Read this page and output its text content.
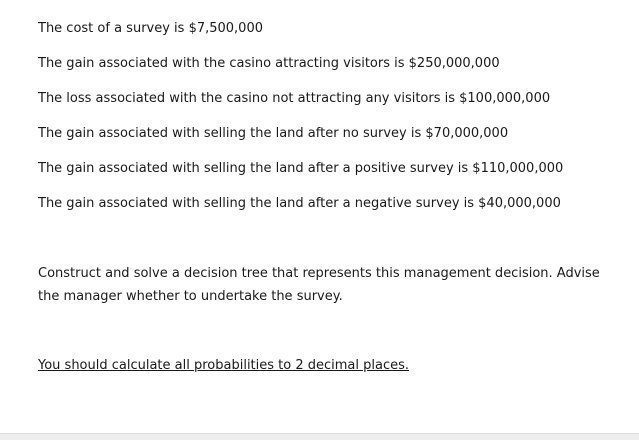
The cost of a survey is $7,500,000

The gain associated with the casino attracting visitors is $250,000,000

The loss associated with the casino not attracting any visitors is $100,000,000

The gain associated with selling the land after no survey is $70,000,000

The gain associated with selling the land after a positive survey is $110,000,000

The gain associated with selling the land after a negative survey is $40,000,000

Construct and solve a decision tree that represents this management decision. Advise the manager whether to undertake the survey.

You should calculate all probabilities to 2 decimal places.
